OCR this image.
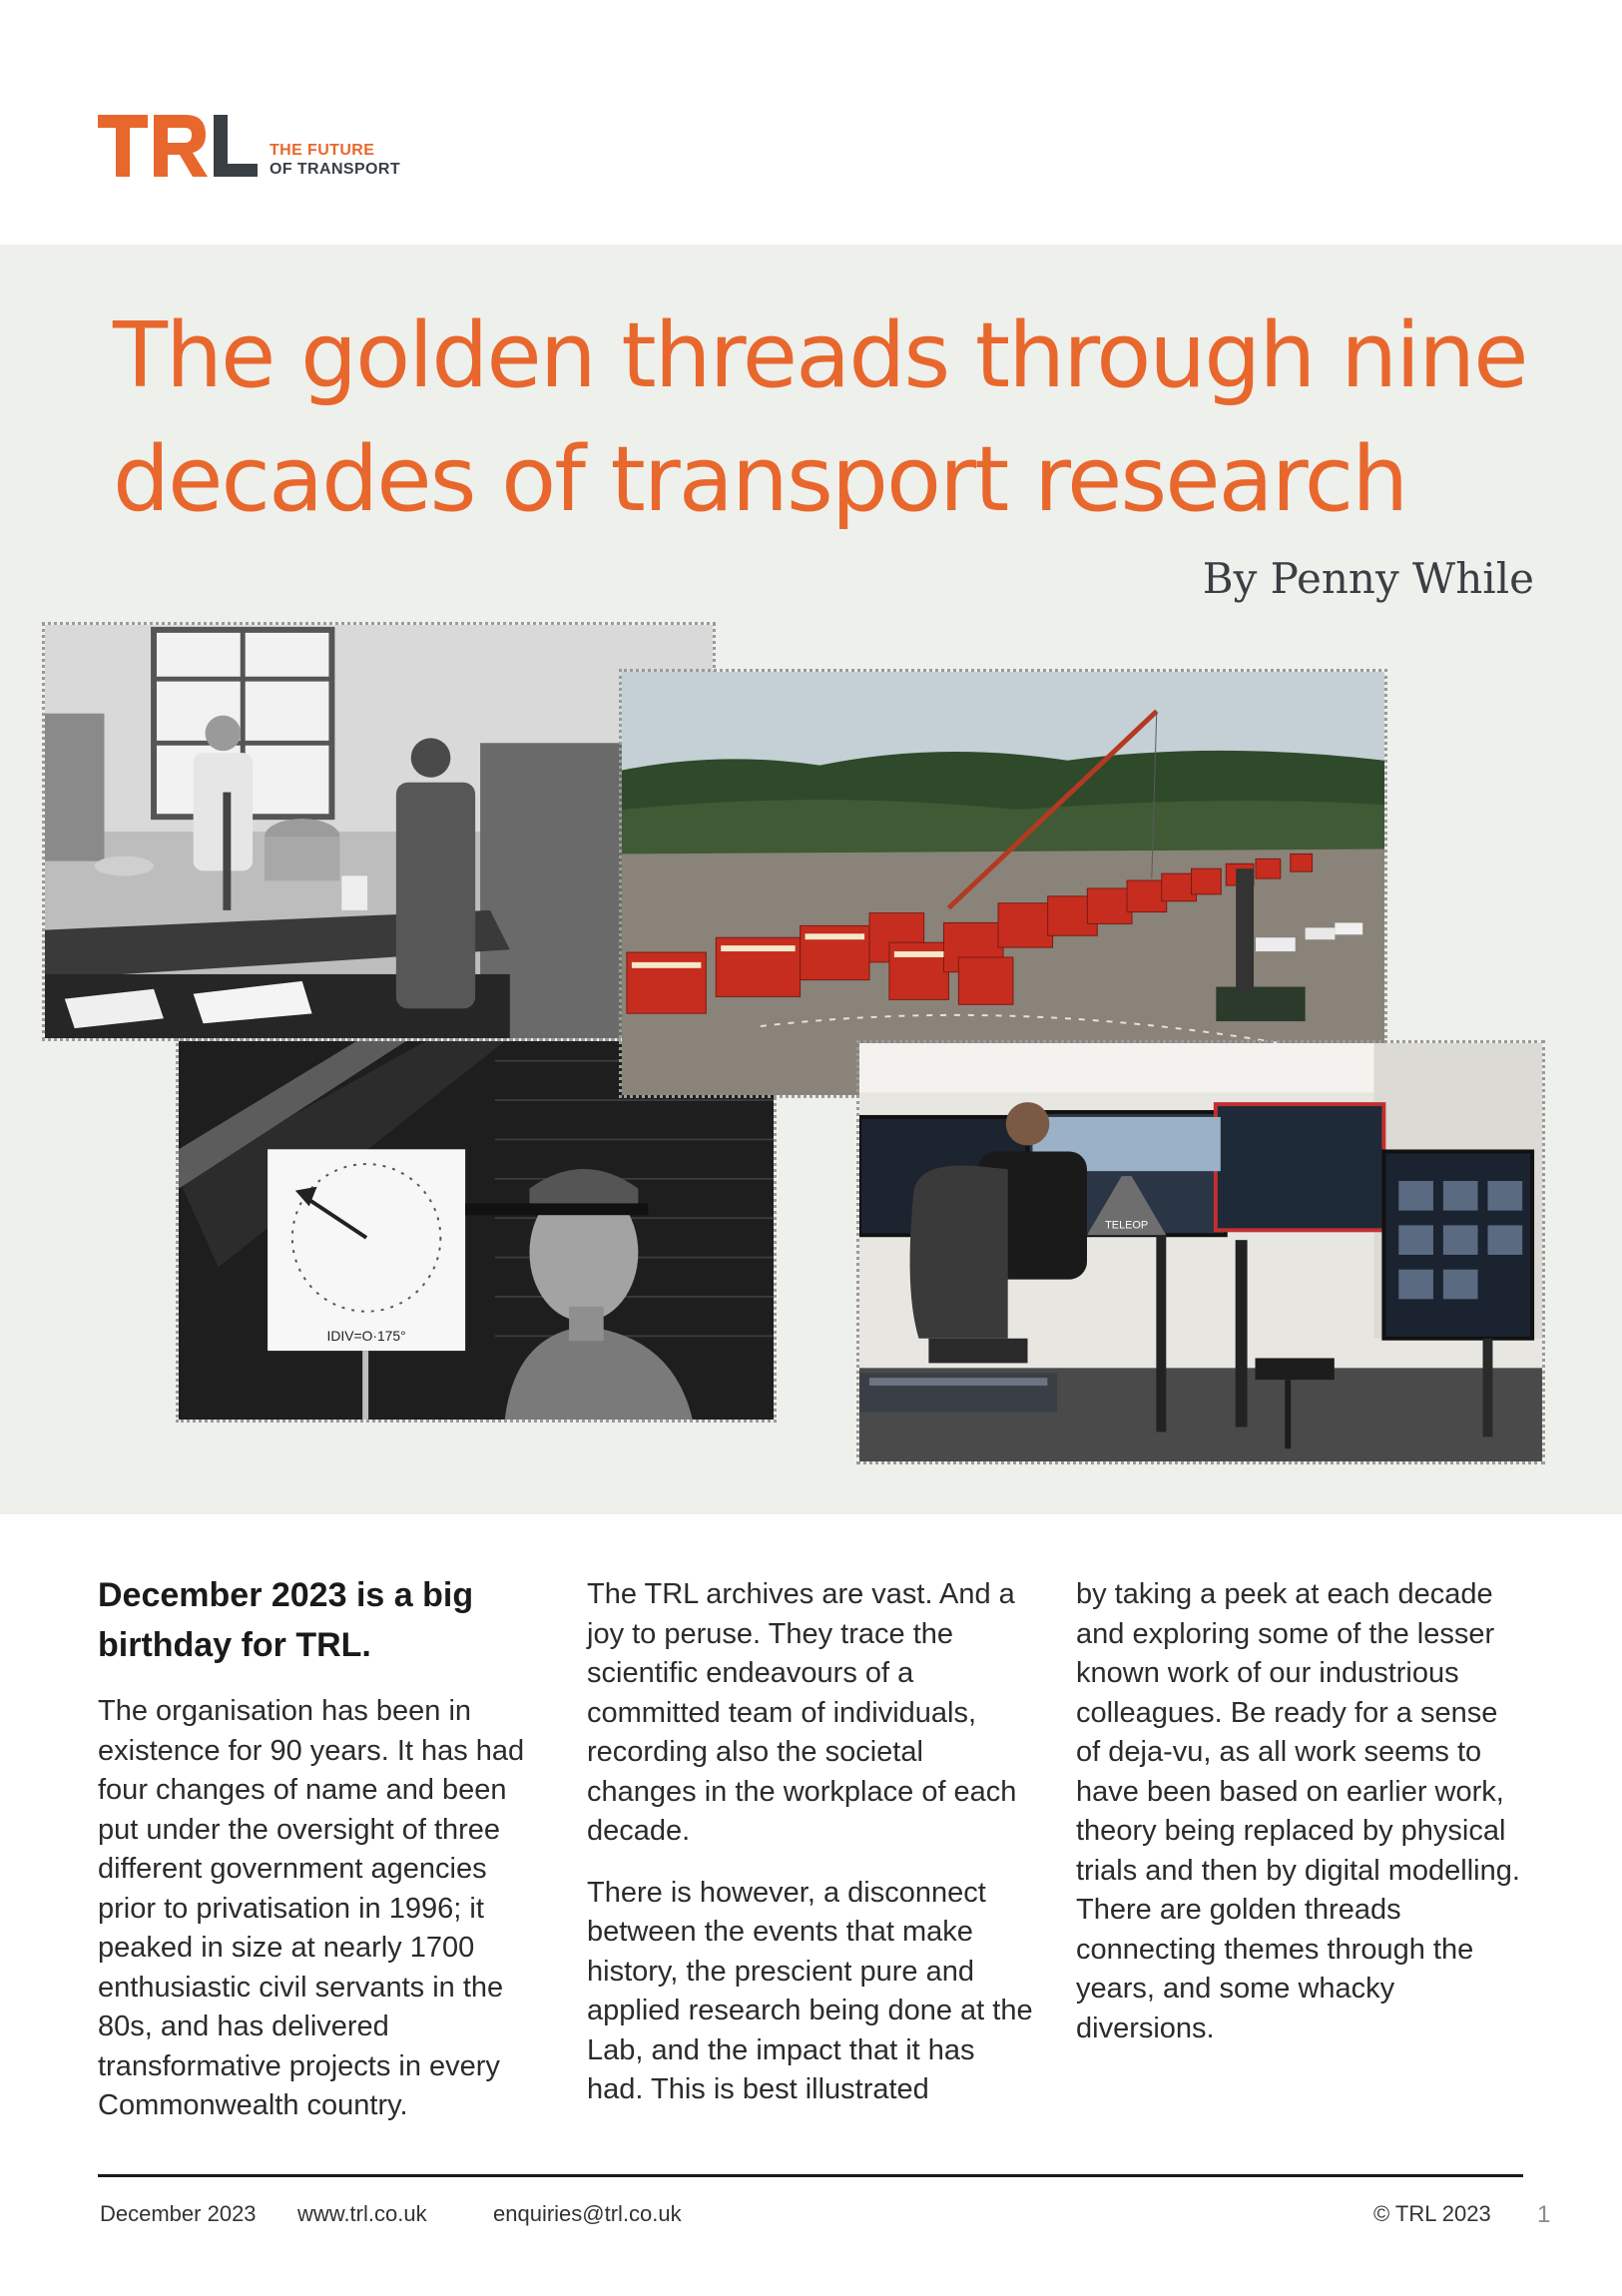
THE FUTURE
OF TRANSPORT
The golden threads through nine
decades of transport research
By Penny While
IDIV=O·175°
TELEOP

December 2023 is a big birthday for TRL.

The organisation has been in existence for 90 years. It has had four changes of name and been put under the oversight of three different government agencies prior to privatisation in 1996; it peaked in size at nearly 1700 enthusiastic civil servants in the 80s, and has delivered transformative projects in every Commonwealth country.

The TRL archives are vast. And a joy to peruse. They trace the scientific endeavours of a committed team of individuals, recording also the societal changes in the workplace of each decade.

There is however, a disconnect between the events that make history, the prescient pure and applied research being done at the Lab, and the impact that it has had. This is best illustrated

by taking a peek at each decade and exploring some of the lesser known work of our industrious colleagues. Be ready for a sense of deja-vu, as all work seems to have been based on earlier work, theory being replaced by physical trials and then by digital modelling. There are golden threads connecting themes through the years, and some whacky diversions.

December 2023 www.trl.co.uk	enquiries@trl.co.uk	© TRL 2023 1
